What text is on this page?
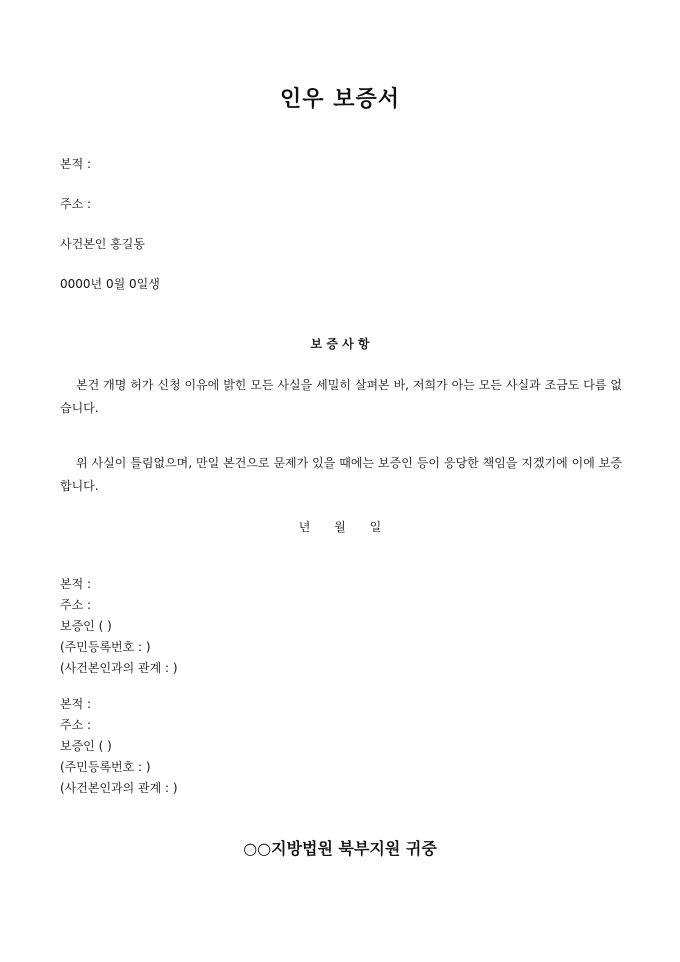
인우 보증서
본적 :
주소 :
사건본인 홍길동
0000년 0월 0일생
보 증 사 항
본건 개명 허가 신청 이유에 밝힌 모든 사실을 세밀히 살펴본 바, 저희가 아는 모든 사실과 조금도 다름 없습니다.
위 사실이 틀림없으며, 만일 본건으로 문제가 있을 때에는 보증인 등이 응당한 책임을 지겠기에 이에 보증합니다.
년 월 일
본적 :
주소 :
보증인 ( )
(주민등록번호 : )
(사건본인과의 관계 : )
본적 :
주소 :
보증인 ( )
(주민등록번호 : )
(사건본인과의 관계 : )
○○지방법원 북부지원 귀중
